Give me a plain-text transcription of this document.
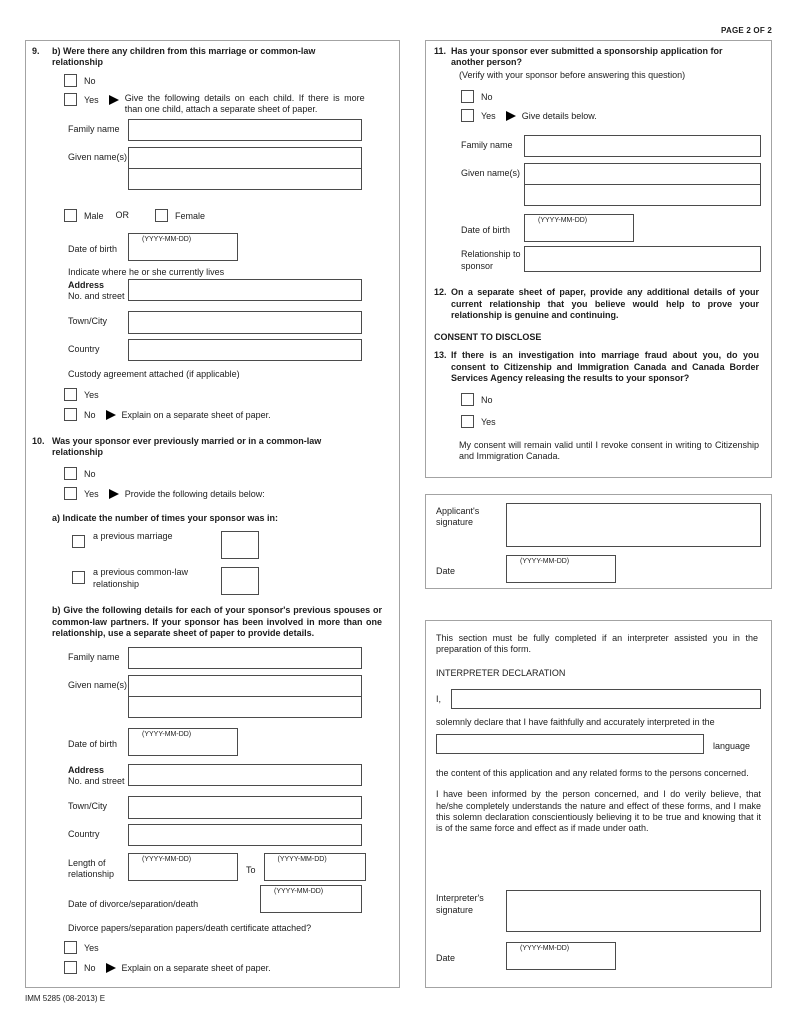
PAGE 2 OF 2
9.	b) Were there any children from this marriage or common-law relationship
No
Yes	Give the following details on each child. If there is more than one child, attach a separate sheet of paper.
Family name
Given name(s)
Male OR	Female
Date of birth
(YYYY-MM-DD)
Indicate where he or she currently lives
Address
No. and street
Town/City
Country
Custody agreement attached (if applicable)
Yes
No	Explain on a separate sheet of paper.
10. Was your sponsor ever previously married or in a common-law relationship
No
Yes	Provide the following details below:
a) Indicate the number of times your sponsor was in:
a previous marriage
a previous common-law relationship
b) Give the following details for each of your sponsor's previous spouses or common-law partners. If your sponsor has been involved in more than one relationship, use a separate sheet of paper to provide details.
Family name
Given name(s)
Date of birth
(YYYY-MM-DD)
Address
No. and street
Town/City
Country
Length of relationship
(YYYY-MM-DD)
To
(YYYY-MM-DD)
Date of divorce/separation/death
(YYYY-MM-DD)
Divorce papers/separation papers/death certificate attached?
Yes
No	Explain on a separate sheet of paper.
11. Has your sponsor ever submitted a sponsorship application for another person?
(Verify with your sponsor before answering this question)
No
Yes	Give details below.
Family name
Given name(s)
Date of birth
(YYYY-MM-DD)
Relationship to sponsor
12. On a separate sheet of paper, provide any additional details of your current relationship that you believe would help to prove your relationship is genuine and continuing.
CONSENT TO DISCLOSE
13. If there is an investigation into marriage fraud about you, do you consent to Citizenship and Immigration Canada and Canada Border Services Agency releasing the results to your sponsor?
No
Yes
My consent will remain valid until I revoke consent in writing to Citizenship and Immigration Canada.
Applicant's signature
Date
(YYYY-MM-DD)
This section must be fully completed if an interpreter assisted you in the preparation of this form.
INTERPRETER DECLARATION
I,
solemnly declare that I have faithfully and accurately interpreted in the
language
the content of this application and any related forms to the persons concerned.
I have been informed by the person concerned, and I do verily believe, that he/she completely understands the nature and effect of these forms, and I make this solemn declaration conscientiously believing it to be true and knowing that it is of the same force and effect as if made under oath.
Interpreter's signature
Date
(YYYY-MM-DD)
IMM 5285 (08-2013) E
